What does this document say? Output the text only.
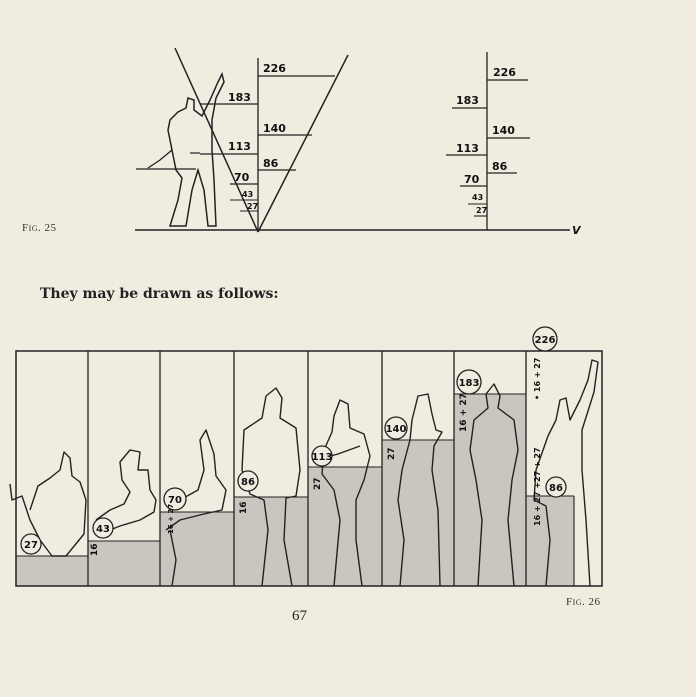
226
183
140
113
86
70
43
27
226
183
140
113
86
70
43
27
V
Fig. 25
They may be drawn as follows:
27
43
70
86
113
140
183
226
86
16
16
27
27
16 + 27
16 + 27 +27 + 27
• 16 + 27
16 + 27
Fig. 26
67
